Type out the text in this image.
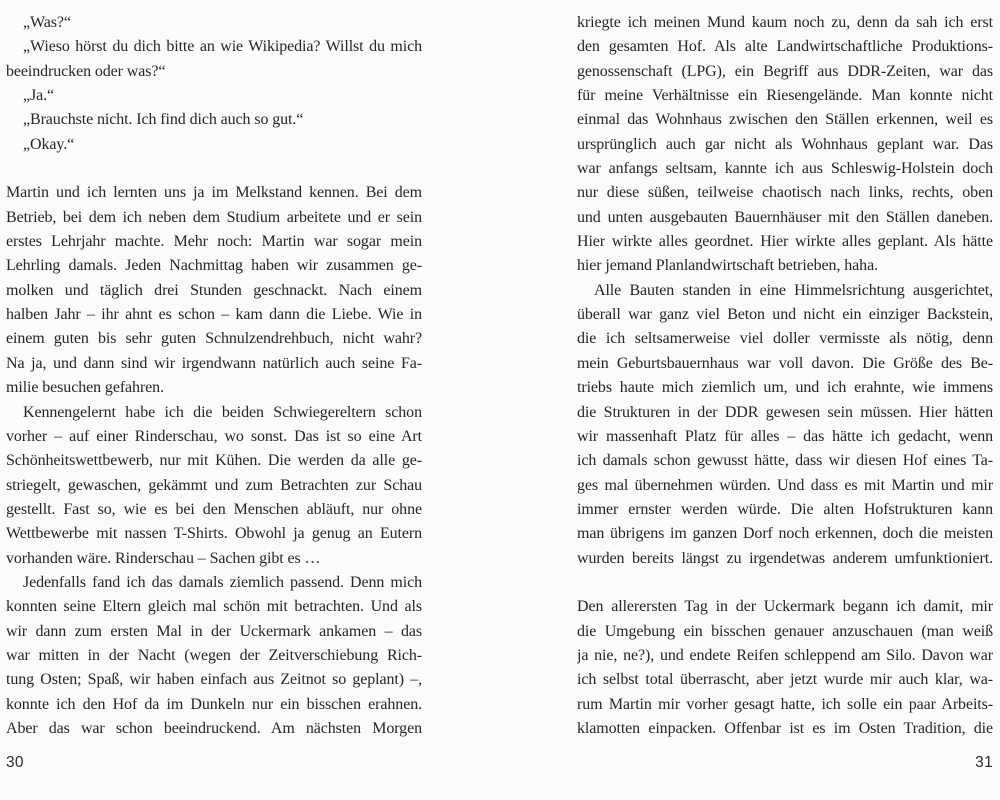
„Was?“
„Wieso hörst du dich bitte an wie Wikipedia? Willst du mich
beeindrucken oder was?“
„Ja.“
„Brauchste nicht. Ich find dich auch so gut.“
„Okay.“
Martin und ich lernten uns ja im Melkstand kennen. Bei dem
Betrieb, bei dem ich neben dem Studium arbeitete und er sein
erstes Lehrjahr machte. Mehr noch: Martin war sogar mein
Lehrling damals. Jeden Nachmittag haben wir zusammen ge-
molken und täglich drei Stunden geschnackt. Nach einem
halben Jahr – ihr ahnt es schon – kam dann die Liebe. Wie in
einem guten bis sehr guten Schnulzendrehbuch, nicht wahr?
Na ja, und dann sind wir irgendwann natürlich auch seine Fa-
milie besuchen gefahren.
Kennengelernt habe ich die beiden Schwiegereltern schon
vorher – auf einer Rinderschau, wo sonst. Das ist so eine Art
Schönheitswettbewerb, nur mit Kühen. Die werden da alle ge-
striegelt, gewaschen, gekämmt und zum Betrachten zur Schau
gestellt. Fast so, wie es bei den Menschen abläuft, nur ohne
Wettbewerbe mit nassen T-Shirts. Obwohl ja genug an Eutern
vorhanden wäre. Rinderschau – Sachen gibt es …
Jedenfalls fand ich das damals ziemlich passend. Denn mich
konnten seine Eltern gleich mal schön mit betrachten. Und als
wir dann zum ersten Mal in der Uckermark ankamen – das
war mitten in der Nacht (wegen der Zeitverschiebung Rich-
tung Osten; Spaß, wir haben einfach aus Zeitnot so geplant) –,
konnte ich den Hof da im Dunkeln nur ein bisschen erahnen.
Aber das war schon beeindruckend. Am nächsten Morgen
30
kriegte ich meinen Mund kaum noch zu, denn da sah ich erst
den gesamten Hof. Als alte Landwirtschaftliche Produktions-
genossenschaft (LPG), ein Begriff aus DDR-Zeiten, war das
für meine Verhältnisse ein Riesengelände. Man konnte nicht
einmal das Wohnhaus zwischen den Ställen erkennen, weil es
ursprünglich auch gar nicht als Wohnhaus geplant war. Das
war anfangs seltsam, kannte ich aus Schleswig-Holstein doch
nur diese süßen, teilweise chaotisch nach links, rechts, oben
und unten ausgebauten Bauernhäuser mit den Ställen daneben.
Hier wirkte alles geordnet. Hier wirkte alles geplant. Als hätte
hier jemand Planlandwirtschaft betrieben, haha.
Alle Bauten standen in eine Himmelsrichtung ausgerichtet,
überall war ganz viel Beton und nicht ein einziger Backstein,
die ich seltsamerweise viel doller vermisste als nötig, denn
mein Geburtsbauernhaus war voll davon. Die Größe des Be-
triebs haute mich ziemlich um, und ich erahnte, wie immens
die Strukturen in der DDR gewesen sein müssen. Hier hätten
wir massenhaft Platz für alles – das hätte ich gedacht, wenn
ich damals schon gewusst hätte, dass wir diesen Hof eines Ta-
ges mal übernehmen würden. Und dass es mit Martin und mir
immer ernster werden würde. Die alten Hofstrukturen kann
man übrigens im ganzen Dorf noch erkennen, doch die meisten
wurden bereits längst zu irgendetwas anderem umfunktioniert.
Den allerersten Tag in der Uckermark begann ich damit, mir
die Umgebung ein bisschen genauer anzuschauen (man weiß
ja nie, ne?), und endete Reifen schleppend am Silo. Davon war
ich selbst total überrascht, aber jetzt wurde mir auch klar, wa-
rum Martin mir vorher gesagt hatte, ich solle ein paar Arbeits-
klamotten einpacken. Offenbar ist es im Osten Tradition, die
31
